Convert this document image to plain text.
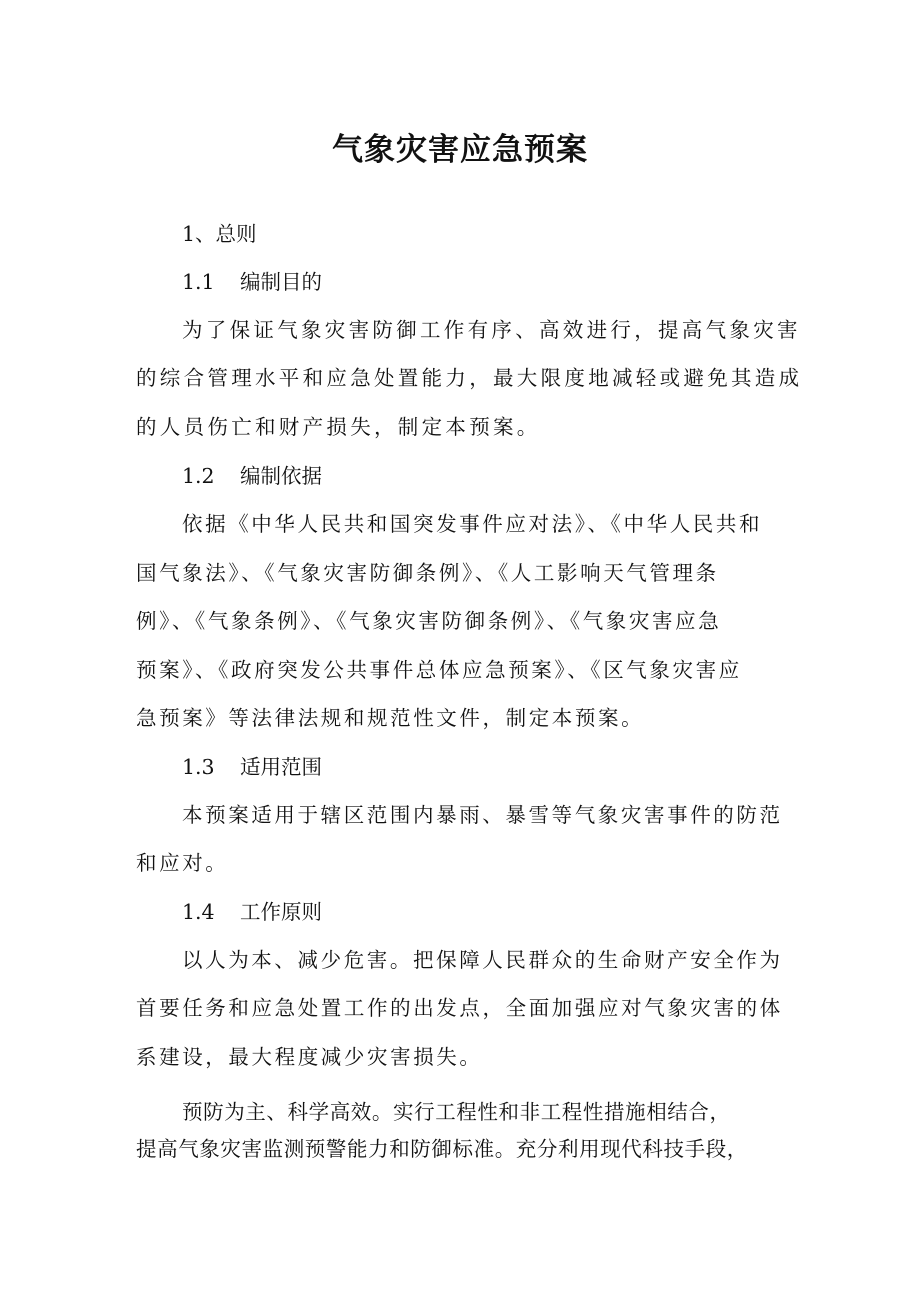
气象灾害应急预案

1、总则

1.1 编制目的

为了保证气象灾害防御工作有序、高效进行，提高气象灾害

的综合管理水平和应急处置能力，最大限度地减轻或避免其造成

的人员伤亡和财产损失，制定本预案。

1.2 编制依据

依据《中华人民共和国突发事件应对法》、《中华人民共和

国气象法》、《气象灾害防御条例》、《人工影响天气管理条

例》、《气象条例》、《气象灾害防御条例》、《气象灾害应急

预案》、《政府突发公共事件总体应急预案》、《区气象灾害应

急预案》等法律法规和规范性文件，制定本预案。

1.3 适用范围

本预案适用于辖区范围内暴雨、暴雪等气象灾害事件的防范

和应对。

1.4 工作原则

以人为本、减少危害。把保障人民群众的生命财产安全作为

首要任务和应急处置工作的出发点，全面加强应对气象灾害的体

系建设，最大程度减少灾害损失。

预防为主、科学高效。实行工程性和非工程性措施相结合，

提高气象灾害监测预警能力和防御标准。充分利用现代科技手段，
